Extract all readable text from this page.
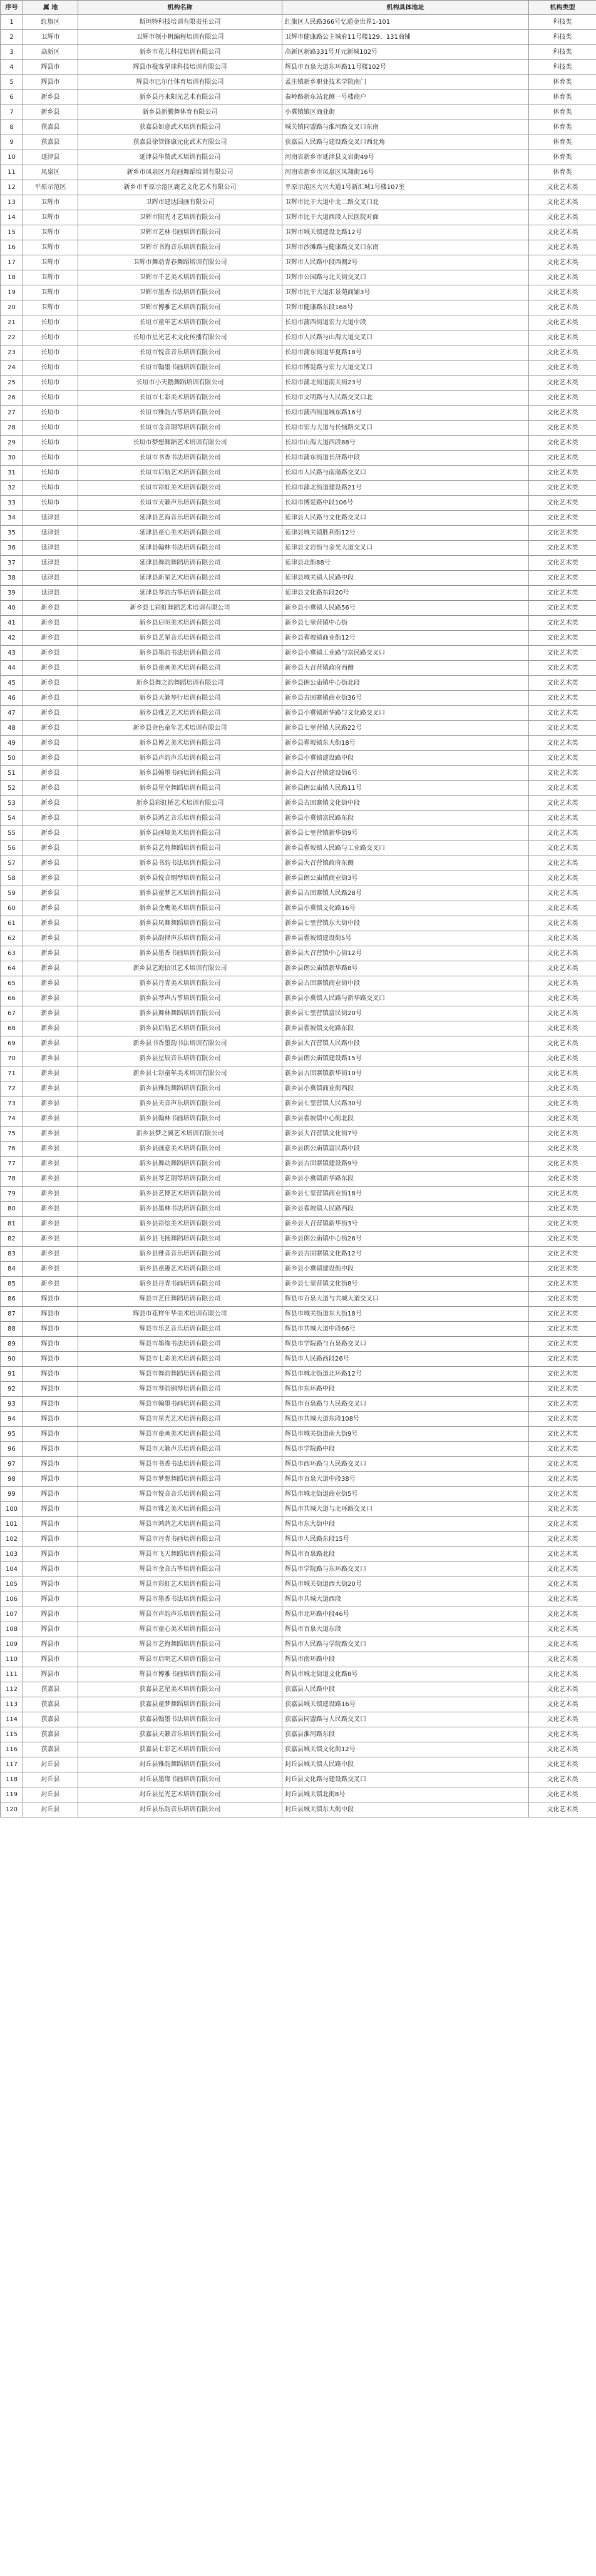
序号	属 地	机构名称	机构具体地址	机构类型
1	红旗区	斯坦特科技培训有限责任公司	红旗区人民路366号忆通金世界1-101	科技类
2	卫辉市	卫辉市领小帆编程培训有限公司	卫辉市健康路公主城府11号楼129、131商铺	科技类
3	高新区	新乡市花儿科技培训有限公司	高新区新路331号开元新城102号	科技类
4	辉县市	辉县市极客星球科技培训有限公司	辉县市百泉大道东环路11号楼102号	科技类
5	辉县市	辉县市巴尔仕体育培训有限公司	孟庄镇新乡职业技术学院南门	体育类
6	新乡县	新乡县丹来阳光艺术有限公司	秦岭路新东站北侧一号楼商户	体育类
7	新乡县	新乡县新腾舞体育有限公司	小冀镇镇区商业街	体育类
8	获嘉县	获嘉县如意武术培训有限公司	城关镇同盟路与淮河路交叉口东南	体育类
9	获嘉县	获嘉县徐管锋康元化武术有限公司	获嘉县人民路与建设路交叉口西北角	体育类
10	延津县	延津县华赞武术培训有限公司	河南省新乡市延津县文岩街49号	体育类
11	凤泉区	新乡市凤泉区月亮画舞蹈培训有限公司	河南省新乡市凤泉区凤翔街16号	体育类
12	平原示范区	新乡市平原示范区鹿艺文化艺术有限公司	平原示范区大兴大道1号新汇城1号楼107室	文化艺术类
13	卫辉市	卫辉市建达国画有限公司	卫辉市比干大道中北二路交叉口北	文化艺术类
14	卫辉市	卫辉市阳光才艺培训有限公司	卫辉市比干大道西段人民医院对面	文化艺术类
15	卫辉市	卫辉市艺林书画培训有限公司	卫辉市城关镇建设北路12号	文化艺术类
16	卫辉市	卫辉市书海音乐培训有限公司	卫辉市沙滩路与健康路交叉口东南	文化艺术类
17	卫辉市	卫辉市舞动青春舞蹈培训有限公司	卫辉市人民路中段西侧2号	文化艺术类
18	卫辉市	卫辉市千艺美术培训有限公司	卫辉市公园路与北关街交叉口	文化艺术类
19	卫辉市	卫辉市墨香书法培训有限公司	卫辉市比干大道汇景苑商铺3号	文化艺术类
20	卫辉市	卫辉市博雅艺术培训有限公司	卫辉市健康路东段168号	文化艺术类
21	长垣市	长垣市童年艺术培训有限公司	长垣市蒲西街道宏力大道中段	文化艺术类
22	长垣市	长垣市星光艺术文化传播有限公司	长垣市人民路与山海大道交叉口	文化艺术类
23	长垣市	长垣市悦音音乐培训有限公司	长垣市蒲东街道华夏路18号	文化艺术类
24	长垣市	长垣市翰墨书画培训有限公司	长垣市博爱路与宏力大道交叉口	文化艺术类
25	长垣市	长垣市小天鹅舞蹈培训有限公司	长垣市蒲北街道南关街23号	文化艺术类
26	长垣市	长垣市七彩美术培训有限公司	长垣市文明路与人民路交叉口北	文化艺术类
27	长垣市	长垣市雅韵古筝培训有限公司	长垣市蒲西街道城东路16号	文化艺术类
28	长垣市	长垣市金音钢琴培训有限公司	长垣市宏力大道与长恼路交叉口	文化艺术类
29	长垣市	长垣市梦想舞蹈艺术培训有限公司	长垣市山海大道西段88号	文化艺术类
30	长垣市	长垣市书香书法培训有限公司	长垣市蒲东街道长济路中段	文化艺术类
31	长垣市	长垣市启航艺术培训有限公司	长垣市人民路与南蒲路交叉口	文化艺术类
32	长垣市	长垣市彩虹美术培训有限公司	长垣市蒲北街道建设路21号	文化艺术类
33	长垣市	长垣市天籁声乐培训有限公司	长垣市博爱路中段106号	文化艺术类
34	延津县	延津县艺海音乐培训有限公司	延津县人民路与文化路交叉口	文化艺术类
35	延津县	延津县童心美术培训有限公司	延津县城关镇胜利街12号	文化艺术类
36	延津县	延津县翰林书法培训有限公司	延津县文岩街与金光大道交叉口	文化艺术类
37	延津县	延津县舞韵舞蹈培训有限公司	延津县北街88号	文化艺术类
38	延津县	延津县新星艺术培训有限公司	延津县城关镇人民路中段	文化艺术类
39	延津县	延津县琴韵古筝培训有限公司	延津县文化路东段20号	文化艺术类
40	新乡县	新乡县七彩虹舞蹈艺术培训有限公司	新乡县小冀镇人民路56号	文化艺术类
41	新乡县	新乡县启明美术培训有限公司	新乡县七里营镇中心街	文化艺术类
42	新乡县	新乡县艺星音乐培训有限公司	新乡县翟坡镇商业街12号	文化艺术类
43	新乡县	新乡县墨韵书法培训有限公司	新乡县小冀镇工业路与富民路交叉口	文化艺术类
44	新乡县	新乡县童画美术培训有限公司	新乡县大召营镇政府西侧	文化艺术类
45	新乡县	新乡县舞之韵舞蹈培训有限公司	新乡县朗公庙镇中心街北段	文化艺术类
46	新乡县	新乡县天籁琴行培训有限公司	新乡县古固寨镇商业街36号	文化艺术类
47	新乡县	新乡县雅艺艺术培训有限公司	新乡县小冀镇新华路与文化路交叉口	文化艺术类
48	新乡县	新乡县金色童年艺术培训有限公司	新乡县七里营镇人民路22号	文化艺术类
49	新乡县	新乡县博艺美术培训有限公司	新乡县翟坡镇东大街18号	文化艺术类
50	新乡县	新乡县声韵声乐培训有限公司	新乡县小冀镇建设路中段	文化艺术类
51	新乡县	新乡县翰墨书画培训有限公司	新乡县大召营镇建设街6号	文化艺术类
52	新乡县	新乡县星空舞蹈培训有限公司	新乡县朗公庙镇人民路11号	文化艺术类
53	新乡县	新乡县彩虹桥艺术培训有限公司	新乡县古固寨镇文化街中段	文化艺术类
54	新乡县	新乡县鸿艺音乐培训有限公司	新乡县小冀镇富民路东段	文化艺术类
55	新乡县	新乡县画境美术培训有限公司	新乡县七里营镇新华街9号	文化艺术类
56	新乡县	新乡县艺苑舞蹈培训有限公司	新乡县翟坡镇人民路与工业路交叉口	文化艺术类
57	新乡县	新乡县书韵书法培训有限公司	新乡县大召营镇政府东侧	文化艺术类
58	新乡县	新乡县悦音钢琴培训有限公司	新乡县朗公庙镇商业街3号	文化艺术类
59	新乡县	新乡县童梦艺术培训有限公司	新乡县古固寨镇人民路28号	文化艺术类
60	新乡县	新乡县金鹰美术培训有限公司	新乡县小冀镇文化路16号	文化艺术类
61	新乡县	新乡县凤舞舞蹈培训有限公司	新乡县七里营镇东大街中段	文化艺术类
62	新乡县	新乡县韵律声乐培训有限公司	新乡县翟坡镇建设街5号	文化艺术类
63	新乡县	新乡县墨香书画培训有限公司	新乡县大召营镇中心街12号	文化艺术类
64	新乡县	新乡县艺海拾贝艺术培训有限公司	新乡县朗公庙镇新华路8号	文化艺术类
65	新乡县	新乡县丹青美术培训有限公司	新乡县古固寨镇商业街中段	文化艺术类
66	新乡县	新乡县琴声古筝培训有限公司	新乡县小冀镇人民路与新华路交叉口	文化艺术类
67	新乡县	新乡县舞林舞蹈培训有限公司	新乡县七里营镇富民街20号	文化艺术类
68	新乡县	新乡县启航艺术培训有限公司	新乡县翟坡镇文化路东段	文化艺术类
69	新乡县	新乡县书香墨韵书法培训有限公司	新乡县大召营镇人民路中段	文化艺术类
70	新乡县	新乡县星辰音乐培训有限公司	新乡县朗公庙镇建设路15号	文化艺术类
71	新乡县	新乡县七彩童年美术培训有限公司	新乡县古固寨镇新华街10号	文化艺术类
72	新乡县	新乡县雅韵舞蹈培训有限公司	新乡县小冀镇商业街西段	文化艺术类
73	新乡县	新乡县天音声乐培训有限公司	新乡县七里营镇人民路30号	文化艺术类
74	新乡县	新乡县翰林书画培训有限公司	新乡县翟坡镇中心街北段	文化艺术类
75	新乡县	新乡县梦之翼艺术培训有限公司	新乡县大召营镇文化街7号	文化艺术类
76	新乡县	新乡县画意美术培训有限公司	新乡县朗公庙镇富民路中段	文化艺术类
77	新乡县	新乡县舞动舞蹈培训有限公司	新乡县古固寨镇建设路9号	文化艺术类
78	新乡县	新乡县琴艺钢琴培训有限公司	新乡县小冀镇新华路东段	文化艺术类
79	新乡县	新乡县艺博艺术培训有限公司	新乡县七里营镇商业街18号	文化艺术类
80	新乡县	新乡县墨林书法培训有限公司	新乡县翟坡镇人民路西段	文化艺术类
81	新乡县	新乡县彩绘美术培训有限公司	新乡县大召营镇新华街3号	文化艺术类
82	新乡县	新乡县飞扬舞蹈培训有限公司	新乡县朗公庙镇中心街26号	文化艺术类
83	新乡县	新乡县雅音音乐培训有限公司	新乡县古固寨镇文化路12号	文化艺术类
84	新乡县	新乡县童趣艺术培训有限公司	新乡县小冀镇建设街中段	文化艺术类
85	新乡县	新乡县丹青书画培训有限公司	新乡县七里营镇文化街8号	文化艺术类
86	辉县市	辉县市艺佳舞蹈培训有限公司	辉县市百泉大道与共城大道交叉口	文化艺术类
87	辉县市	辉县市花样年华美术培训有限公司	辉县市城关街道东大街18号	文化艺术类
88	辉县市	辉县市乐艺音乐培训有限公司	辉县市共城大道中段66号	文化艺术类
89	辉县市	辉县市墨缘书法培训有限公司	辉县市学院路与百泉路交叉口	文化艺术类
90	辉县市	辉县市七彩美术培训有限公司	辉县市人民路西段26号	文化艺术类
91	辉县市	辉县市舞韵舞蹈培训有限公司	辉县市城北街道北环路12号	文化艺术类
92	辉县市	辉县市琴韵钢琴培训有限公司	辉县市东环路中段	文化艺术类
93	辉县市	辉县市翰墨书画培训有限公司	辉县市百泉路与人民路交叉口	文化艺术类
94	辉县市	辉县市星光艺术培训有限公司	辉县市共城大道东段108号	文化艺术类
95	辉县市	辉县市童画美术培训有限公司	辉县市城关街道南大街9号	文化艺术类
96	辉县市	辉县市天籁声乐培训有限公司	辉县市学院路中段	文化艺术类
97	辉县市	辉县市书香书法培训有限公司	辉县市西环路与人民路交叉口	文化艺术类
98	辉县市	辉县市梦想舞蹈培训有限公司	辉县市百泉大道中段38号	文化艺术类
99	辉县市	辉县市悦音音乐培训有限公司	辉县市城北街道商业街5号	文化艺术类
100	辉县市	辉县市雅艺美术培训有限公司	辉县市共城大道与北环路交叉口	文化艺术类
101	辉县市	辉县市鸿鹄艺术培训有限公司	辉县市东大街中段	文化艺术类
102	辉县市	辉县市丹青书画培训有限公司	辉县市人民路东段15号	文化艺术类
103	辉县市	辉县市飞天舞蹈培训有限公司	辉县市百泉路北段	文化艺术类
104	辉县市	辉县市金音古筝培训有限公司	辉县市学院路与东环路交叉口	文化艺术类
105	辉县市	辉县市彩虹艺术培训有限公司	辉县市城关街道西大街20号	文化艺术类
106	辉县市	辉县市墨香书法培训有限公司	辉县市共城大道西段	文化艺术类
107	辉县市	辉县市声韵声乐培训有限公司	辉县市北环路中段46号	文化艺术类
108	辉县市	辉县市童心美术培训有限公司	辉县市百泉大道东段	文化艺术类
109	辉县市	辉县市艺海舞蹈培训有限公司	辉县市人民路与学院路交叉口	文化艺术类
110	辉县市	辉县市启明艺术培训有限公司	辉县市南环路中段	文化艺术类
111	辉县市	辉县市博雅书画培训有限公司	辉县市城北街道文化路8号	文化艺术类
112	获嘉县	获嘉县艺星美术培训有限公司	获嘉县人民路中段	文化艺术类
113	获嘉县	获嘉县童梦舞蹈培训有限公司	获嘉县城关镇建设路16号	文化艺术类
114	获嘉县	获嘉县翰墨书法培训有限公司	获嘉县同盟路与人民路交叉口	文化艺术类
115	获嘉县	获嘉县天籁音乐培训有限公司	获嘉县淮河路东段	文化艺术类
116	获嘉县	获嘉县七彩艺术培训有限公司	获嘉县城关镇文化街12号	文化艺术类
117	封丘县	封丘县雅韵舞蹈培训有限公司	封丘县城关镇人民路中段	文化艺术类
118	封丘县	封丘县墨缘书画培训有限公司	封丘县文化路与建设路交叉口	文化艺术类
119	封丘县	封丘县星光艺术培训有限公司	封丘县城关镇北街8号	文化艺术类
120	封丘县	封丘县乐韵音乐培训有限公司	封丘县城关镇东大街中段	文化艺术类
